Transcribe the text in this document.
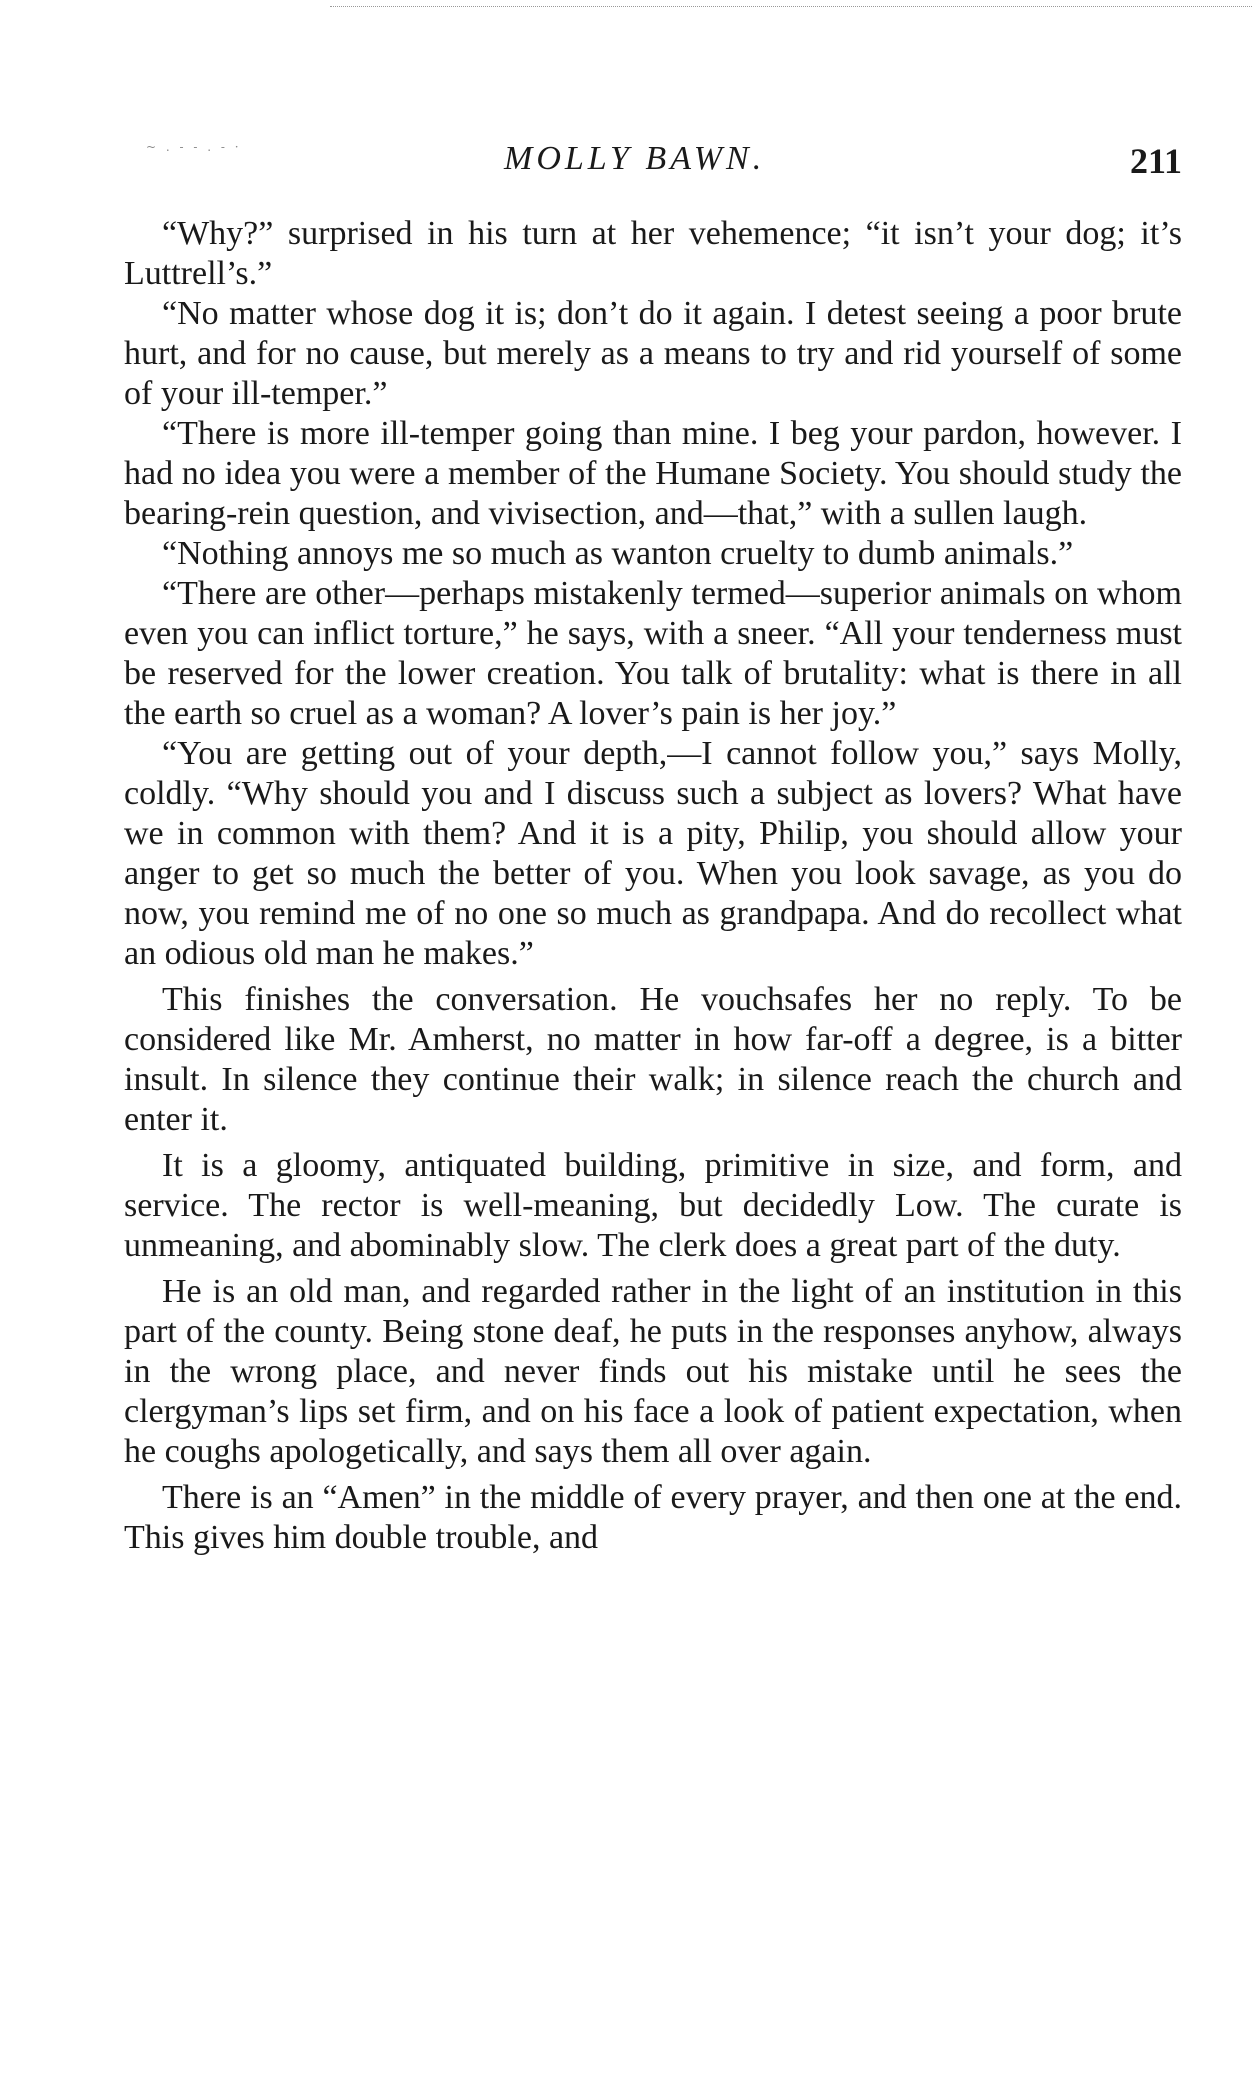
~ . - - . - ·	MOLLY BAWN.	211

“Why?” surprised in his turn at her vehemence; “it isn’t your dog; it’s Luttrell’s.”

“No matter whose dog it is; don’t do it again. I detest seeing a poor brute hurt, and for no cause, but merely as a means to try and rid yourself of some of your ill-temper.”

“There is more ill-temper going than mine. I beg your pardon, however. I had no idea you were a member of the Humane Society. You should study the bearing-rein question, and vivisection, and—that,” with a sullen laugh.

“Nothing annoys me so much as wanton cruelty to dumb animals.”

“There are other—perhaps mistakenly termed—superior animals on whom even you can inflict torture,” he says, with a sneer. “All your tenderness must be reserved for the lower creation. You talk of brutality: what is there in all the earth so cruel as a woman? A lover’s pain is her joy.”

“You are getting out of your depth,—I cannot follow you,” says Molly, coldly. “Why should you and I discuss such a subject as lovers? What have we in common with them? And it is a pity, Philip, you should allow your anger to get so much the better of you. When you look savage, as you do now, you remind me of no one so much as grandpapa. And do recollect what an odious old man he makes.”

This finishes the conversation. He vouchsafes her no reply. To be considered like Mr. Amherst, no matter in how far-off a degree, is a bitter insult. In silence they continue their walk; in silence reach the church and enter it.

It is a gloomy, antiquated building, primitive in size, and form, and service. The rector is well-meaning, but decidedly Low. The curate is unmeaning, and abominably slow. The clerk does a great part of the duty.

He is an old man, and regarded rather in the light of an institution in this part of the county. Being stone deaf, he puts in the responses anyhow, always in the wrong place, and never finds out his mistake until he sees the clergyman’s lips set firm, and on his face a look of patient expectation, when he coughs apologetically, and says them all over again.

There is an “Amen” in the middle of every prayer, and then one at the end. This gives him double trouble, and
